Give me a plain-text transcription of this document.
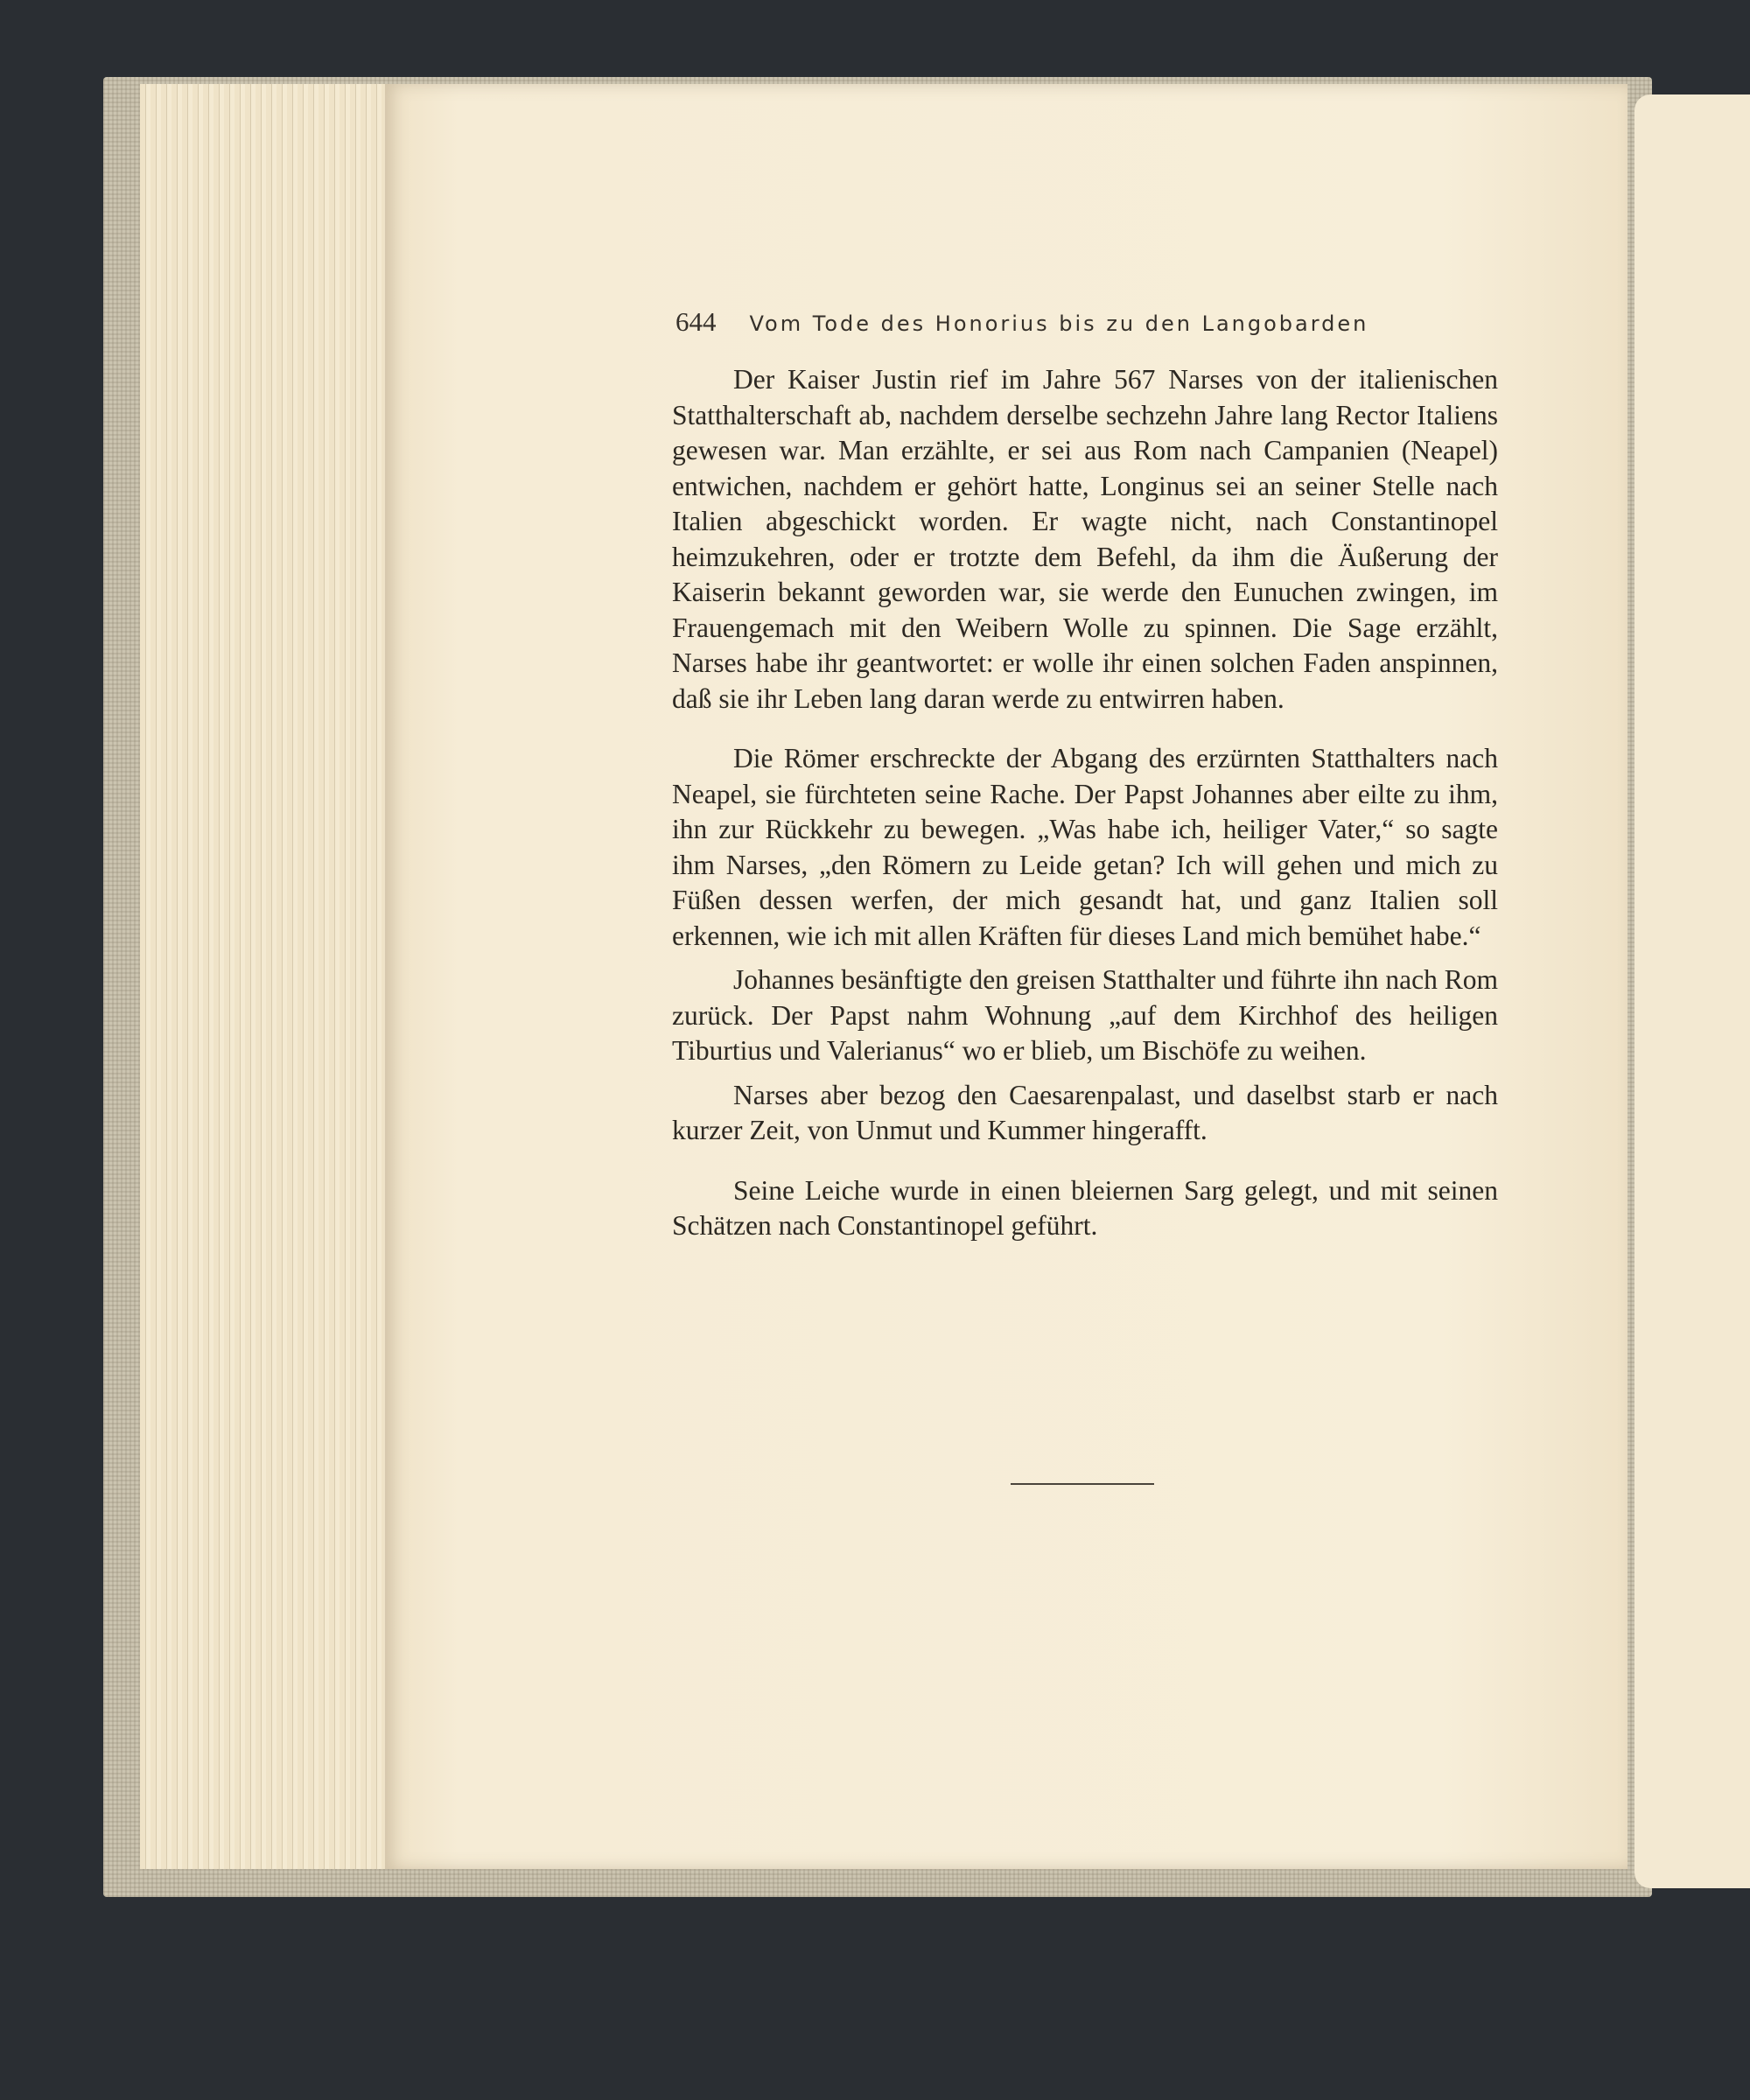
644 Vom Tode des Honorius bis zu den Langobarden

Der Kaiser Justin rief im Jahre 567 Narses von der italienischen Statthalterschaft ab, nachdem derselbe sechzehn Jahre lang Rector Italiens gewesen war. Man erzählte, er sei aus Rom nach Campanien (Neapel) entwichen, nachdem er gehört hatte, Longinus sei an seiner Stelle nach Italien abgeschickt worden. Er wagte nicht, nach Constantinopel heimzukehren, oder er trotzte dem Befehl, da ihm die Äußerung der Kaiserin bekannt geworden war, sie werde den Eunuchen zwingen, im Frauengemach mit den Weibern Wolle zu spinnen. Die Sage erzählt, Narses habe ihr geantwortet: er wolle ihr einen solchen Faden anspinnen, daß sie ihr Leben lang daran werde zu entwirren haben.

Die Römer erschreckte der Abgang des erzürnten Statthalters nach Neapel, sie fürchteten seine Rache. Der Papst Johannes aber eilte zu ihm, ihn zur Rückkehr zu bewegen. „Was habe ich, heiliger Vater,“ so sagte ihm Narses, „den Römern zu Leide getan? Ich will gehen und mich zu Füßen dessen werfen, der mich gesandt hat, und ganz Italien soll erkennen, wie ich mit allen Kräften für dieses Land mich bemühet habe.“

Johannes besänftigte den greisen Statthalter und führte ihn nach Rom zurück. Der Papst nahm Wohnung „auf dem Kirchhof des heiligen Tiburtius und Valerianus“ wo er blieb, um Bischöfe zu weihen.

Narses aber bezog den Caesarenpalast, und daselbst starb er nach kurzer Zeit, von Unmut und Kummer hingerafft.

Seine Leiche wurde in einen bleiernen Sarg gelegt, und mit seinen Schätzen nach Constantinopel geführt.
